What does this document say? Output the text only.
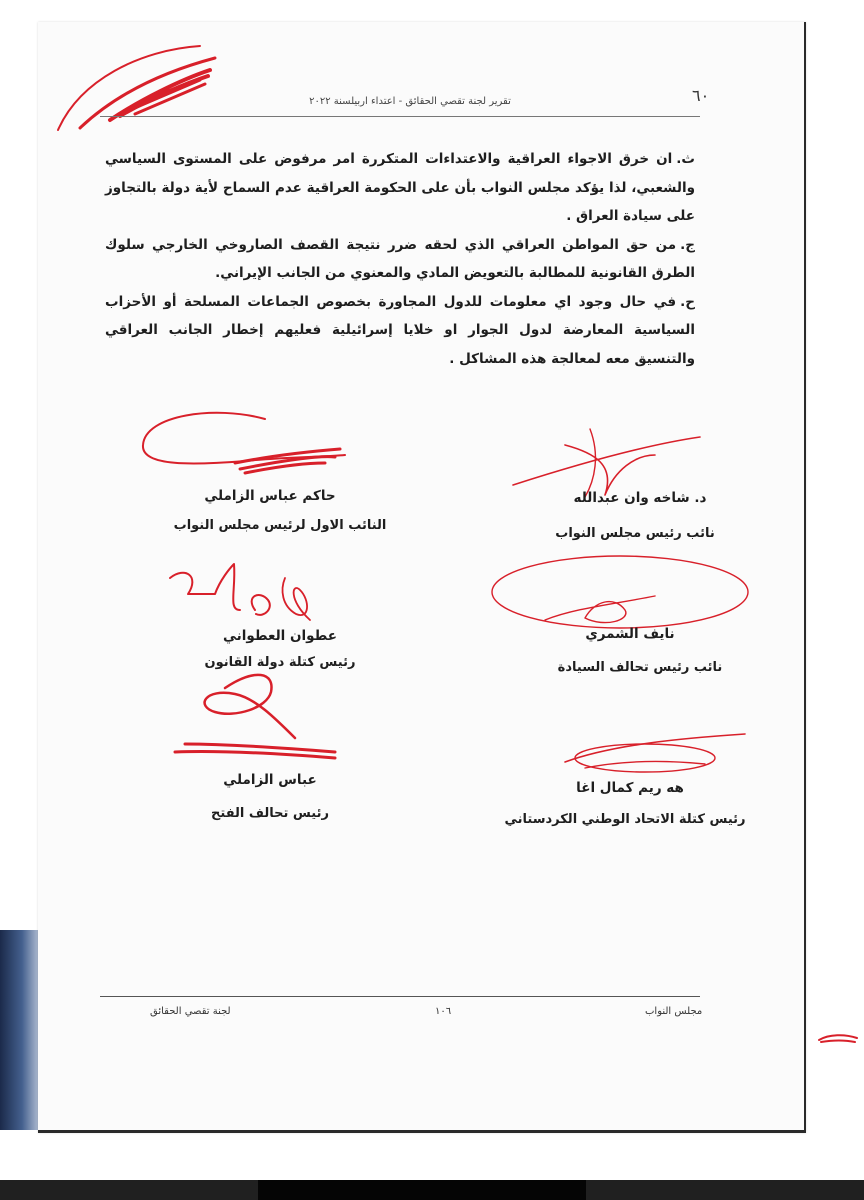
٦٠
تقرير لجنة تقصي الحقائق - اعتداء اربيلسنة ٢٠٢٢

ث.ان خرق الاجواء العراقية والاعتداءات المتكررة امر مرفوض على المستوى السياسي والشعبي، لذا يؤكد مجلس النواب بأن على الحكومة العراقية عدم السماح لأية دولة بالتجاوز على سيادة العراق .

ج.من حق المواطن العراقي الذي لحقه ضرر نتيجة القصف الصاروخي الخارجي سلوك الطرق القانونية للمطالبة بالتعويض المادي والمعنوي من الجانب الإيراني.

ح.في حال وجود اي معلومات للدول المجاورة بخصوص الجماعات المسلحة أو الأحزاب السياسية المعارضة لدول الجوار او خلايا إسرائيلية فعليهم إخطار الجانب العراقي والتنسيق معه لمعالجة هذه المشاكل .

حاكم عباس الزاملي
النائب الاول لرئيس مجلس النواب
د. شاخه وان عبدالله
نائب رئيس مجلس النواب
عطوان العطواني
رئيس كتلة دولة القانون
نايف الشمري
نائب رئيس تحالف السيادة
عباس الزاملي
رئيس تحالف الفتح
هه ريم كمال اغا
رئيس كتلة الاتحاد الوطني الكردستاني
مجلس النواب
١٠٦
لجنة تقصي الحقائق
